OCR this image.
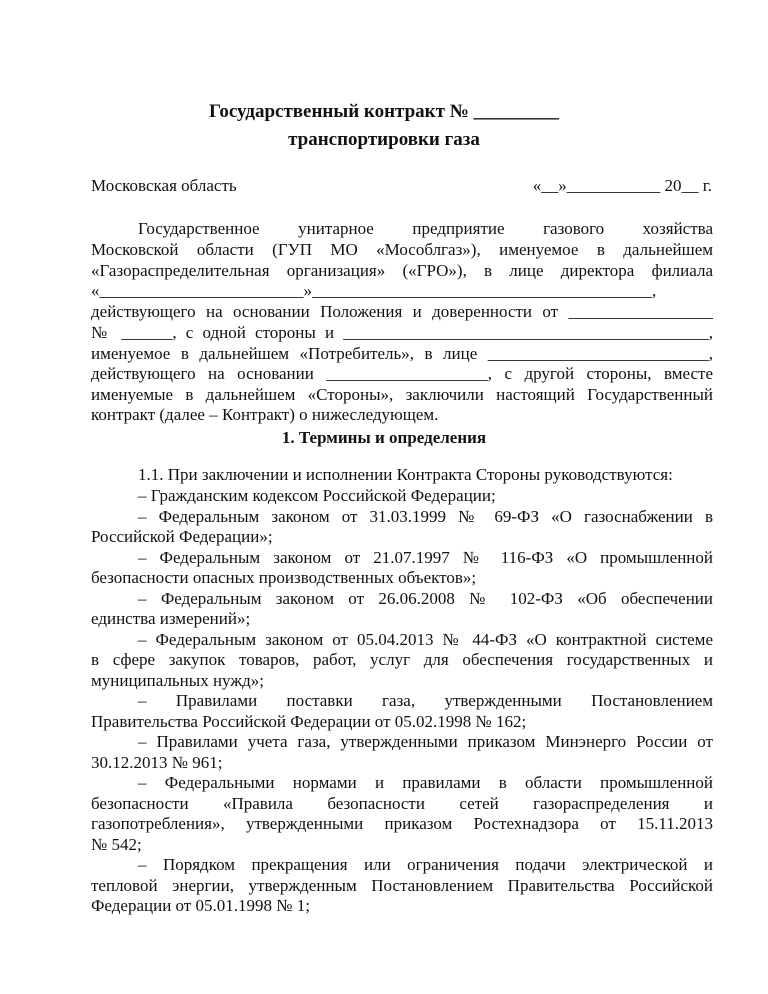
Государственный контракт № _________
транспортировки газа
Московская область	«__»___________ 20__ г.
Государственное унитарное предприятие газового хозяйства
Московской области (ГУП МО «Мособлгаз»), именуемое в дальнейшем
«Газораспределительная организация» («ГРО»), в лице директора филиала
«________________________»________________________________________,
действующего на основании Положения и доверенности от _________________
№ ______, с одной стороны и ___________________________________________,
именуемое в дальнейшем «Потребитель», в лице __________________________,
действующего на основании ___________________, с другой стороны, вместе
именуемые в дальнейшем «Стороны», заключили настоящий Государственный
контракт (далее – Контракт) о нижеследующем.
1. Термины и определения
1.1. При заключении и исполнении Контракта Стороны руководствуются:
– Гражданским кодексом Российской Федерации;
– Федеральным законом от 31.03.1999 № 69-ФЗ «О газоснабжении в
Российской Федерации»;
– Федеральным законом от 21.07.1997 № 116-ФЗ «О промышленной
безопасности опасных производственных объектов»;
– Федеральным законом от 26.06.2008 № 102-ФЗ «Об обеспечении
единства измерений»;
– Федеральным законом от 05.04.2013 № 44-ФЗ «О контрактной системе
в сфере закупок товаров, работ, услуг для обеспечения государственных и
муниципальных нужд»;
– Правилами поставки газа, утвержденными Постановлением
Правительства Российской Федерации от 05.02.1998 № 162;
– Правилами учета газа, утвержденными приказом Минэнерго России от
30.12.2013 № 961;
– Федеральными нормами и правилами в области промышленной
безопасности «Правила безопасности сетей газораспределения и
газопотребления», утвержденными приказом Ростехнадзора от 15.11.2013
№ 542;
– Порядком прекращения или ограничения подачи электрической и
тепловой энергии, утвержденным Постановлением Правительства Российской
Федерации от 05.01.1998 № 1;
